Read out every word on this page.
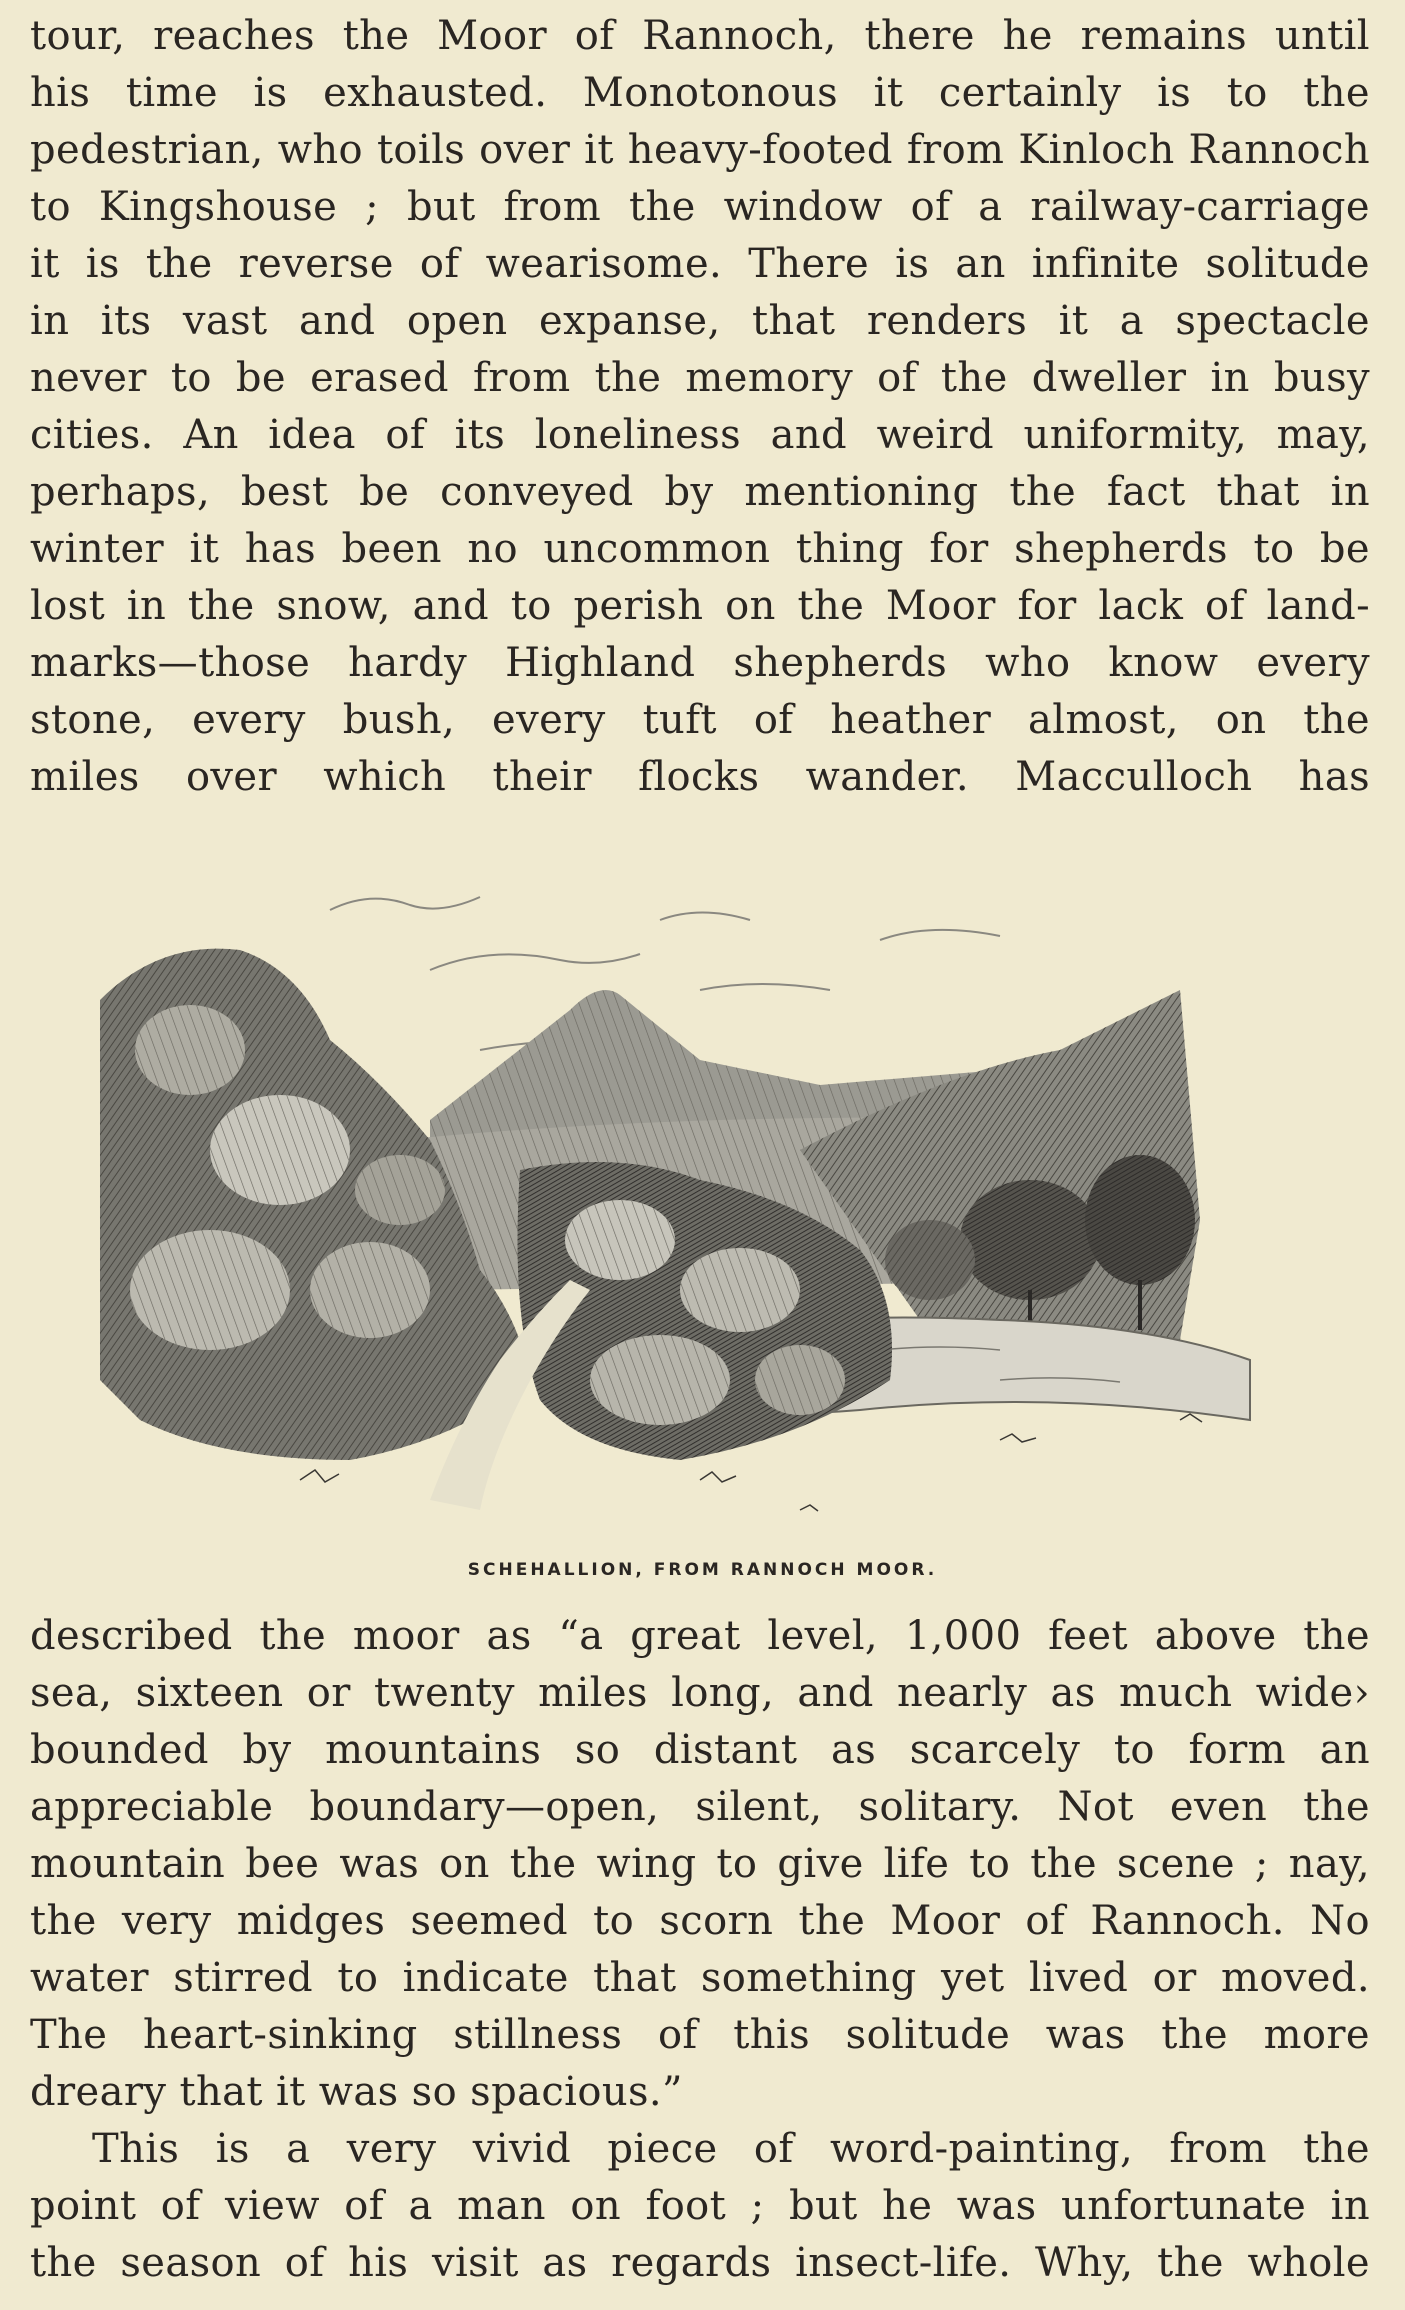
tour, reaches the Moor of Rannoch, there he remains until
his time is exhausted. Monotonous it certainly is to the
pedestrian, who toils over it heavy-footed from Kinloch Rannoch
to Kingshouse ; but from the window of a railway-carriage
it is the reverse of wearisome. There is an infinite solitude
in its vast and open expanse, that renders it a spectacle
never to be erased from the memory of the dweller in busy
cities. An idea of its loneliness and weird uniformity, may,
perhaps, best be conveyed by mentioning the fact that in
winter it has been no uncommon thing for shepherds to be
lost in the snow, and to perish on the Moor for lack of land-
marks—those hardy Highland shepherds who know every
stone, every bush, every tuft of heather almost, on the
miles over which their flocks wander. Macculloch has
SCHEHALLION, FROM RANNOCH MOOR.
described the moor as “a great level, 1,000 feet above the
sea, sixteen or twenty miles long, and nearly as much wide›
bounded by mountains so distant as scarcely to form an
appreciable boundary—open, silent, solitary. Not even the
mountain bee was on the wing to give life to the scene ; nay,
the very midges seemed to scorn the Moor of Rannoch. No
water stirred to indicate that something yet lived or moved.
The heart-sinking stillness of this solitude was the more
dreary that it was so spacious.”
This is a very vivid piece of word-painting, from the
point of view of a man on foot ; but he was unfortunate in
the season of his visit as regards insect-life. Why, the whole
